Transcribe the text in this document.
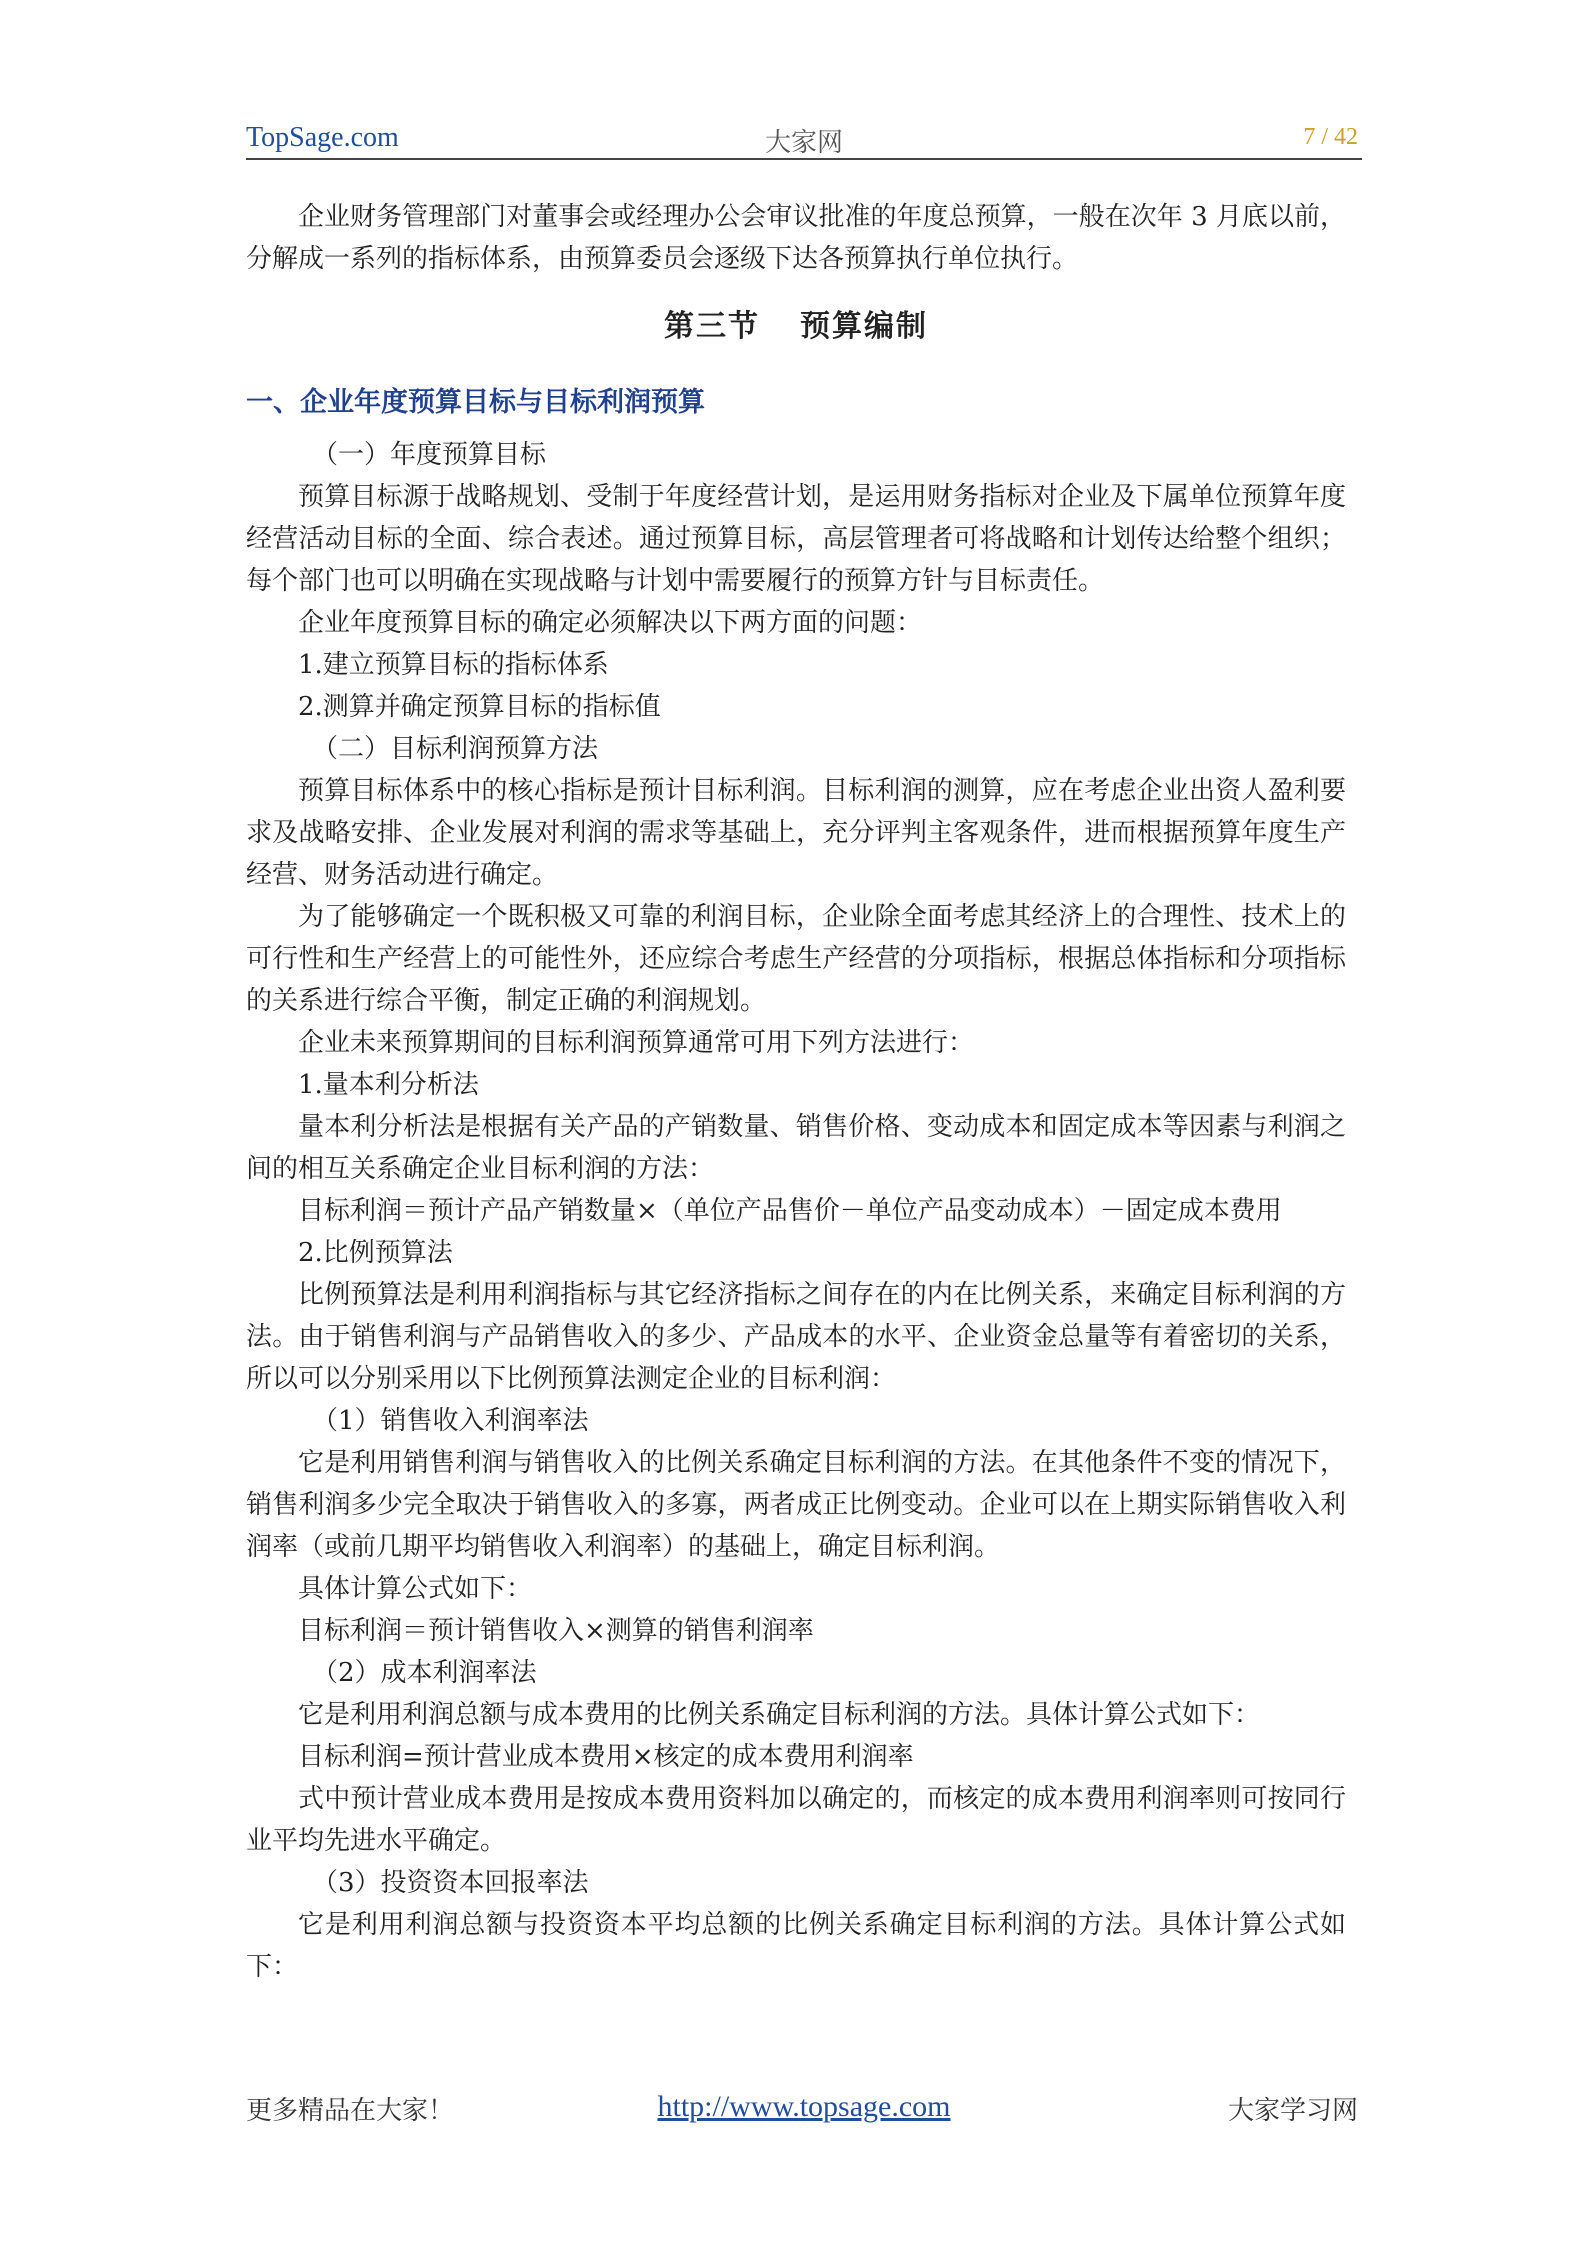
TopSage.com	大家网	7 / 42

企业财务管理部门对董事会或经理办公会审议批准的年度总预算，一般在次年 3 月底以前，分解成一系列的指标体系，由预算委员会逐级下达各预算执行单位执行。

第三节 预算编制
一、企业年度预算目标与目标利润预算

（一）年度预算目标

预算目标源于战略规划、受制于年度经营计划，是运用财务指标对企业及下属单位预算年度经营活动目标的全面、综合表述。通过预算目标，高层管理者可将战略和计划传达给整个组织；每个部门也可以明确在实现战略与计划中需要履行的预算方针与目标责任。

企业年度预算目标的确定必须解决以下两方面的问题：

1.建立预算目标的指标体系

2.测算并确定预算目标的指标值

（二）目标利润预算方法

预算目标体系中的核心指标是预计目标利润。目标利润的测算，应在考虑企业出资人盈利要求及战略安排、企业发展对利润的需求等基础上，充分评判主客观条件，进而根据预算年度生产经营、财务活动进行确定。

为了能够确定一个既积极又可靠的利润目标，企业除全面考虑其经济上的合理性、技术上的可行性和生产经营上的可能性外，还应综合考虑生产经营的分项指标，根据总体指标和分项指标的关系进行综合平衡，制定正确的利润规划。

企业未来预算期间的目标利润预算通常可用下列方法进行：

1.量本利分析法

量本利分析法是根据有关产品的产销数量、销售价格、变动成本和固定成本等因素与利润之间的相互关系确定企业目标利润的方法：

目标利润＝预计产品产销数量×（单位产品售价－单位产品变动成本）－固定成本费用

2.比例预算法

比例预算法是利用利润指标与其它经济指标之间存在的内在比例关系，来确定目标利润的方法。由于销售利润与产品销售收入的多少、产品成本的水平、企业资金总量等有着密切的关系，所以可以分别采用以下比例预算法测定企业的目标利润：

（1）销售收入利润率法

它是利用销售利润与销售收入的比例关系确定目标利润的方法。在其他条件不变的情况下，销售利润多少完全取决于销售收入的多寡，两者成正比例变动。企业可以在上期实际销售收入利润率（或前几期平均销售收入利润率）的基础上，确定目标利润。

具体计算公式如下：

目标利润＝预计销售收入×测算的销售利润率

（2）成本利润率法

它是利用利润总额与成本费用的比例关系确定目标利润的方法。具体计算公式如下：

目标利润=预计营业成本费用×核定的成本费用利润率

式中预计营业成本费用是按成本费用资料加以确定的，而核定的成本费用利润率则可按同行业平均先进水平确定。

（3）投资资本回报率法

它是利用利润总额与投资资本平均总额的比例关系确定目标利润的方法。具体计算公式如下：

更多精品在大家！	http://www.topsage.com	大家学习网
